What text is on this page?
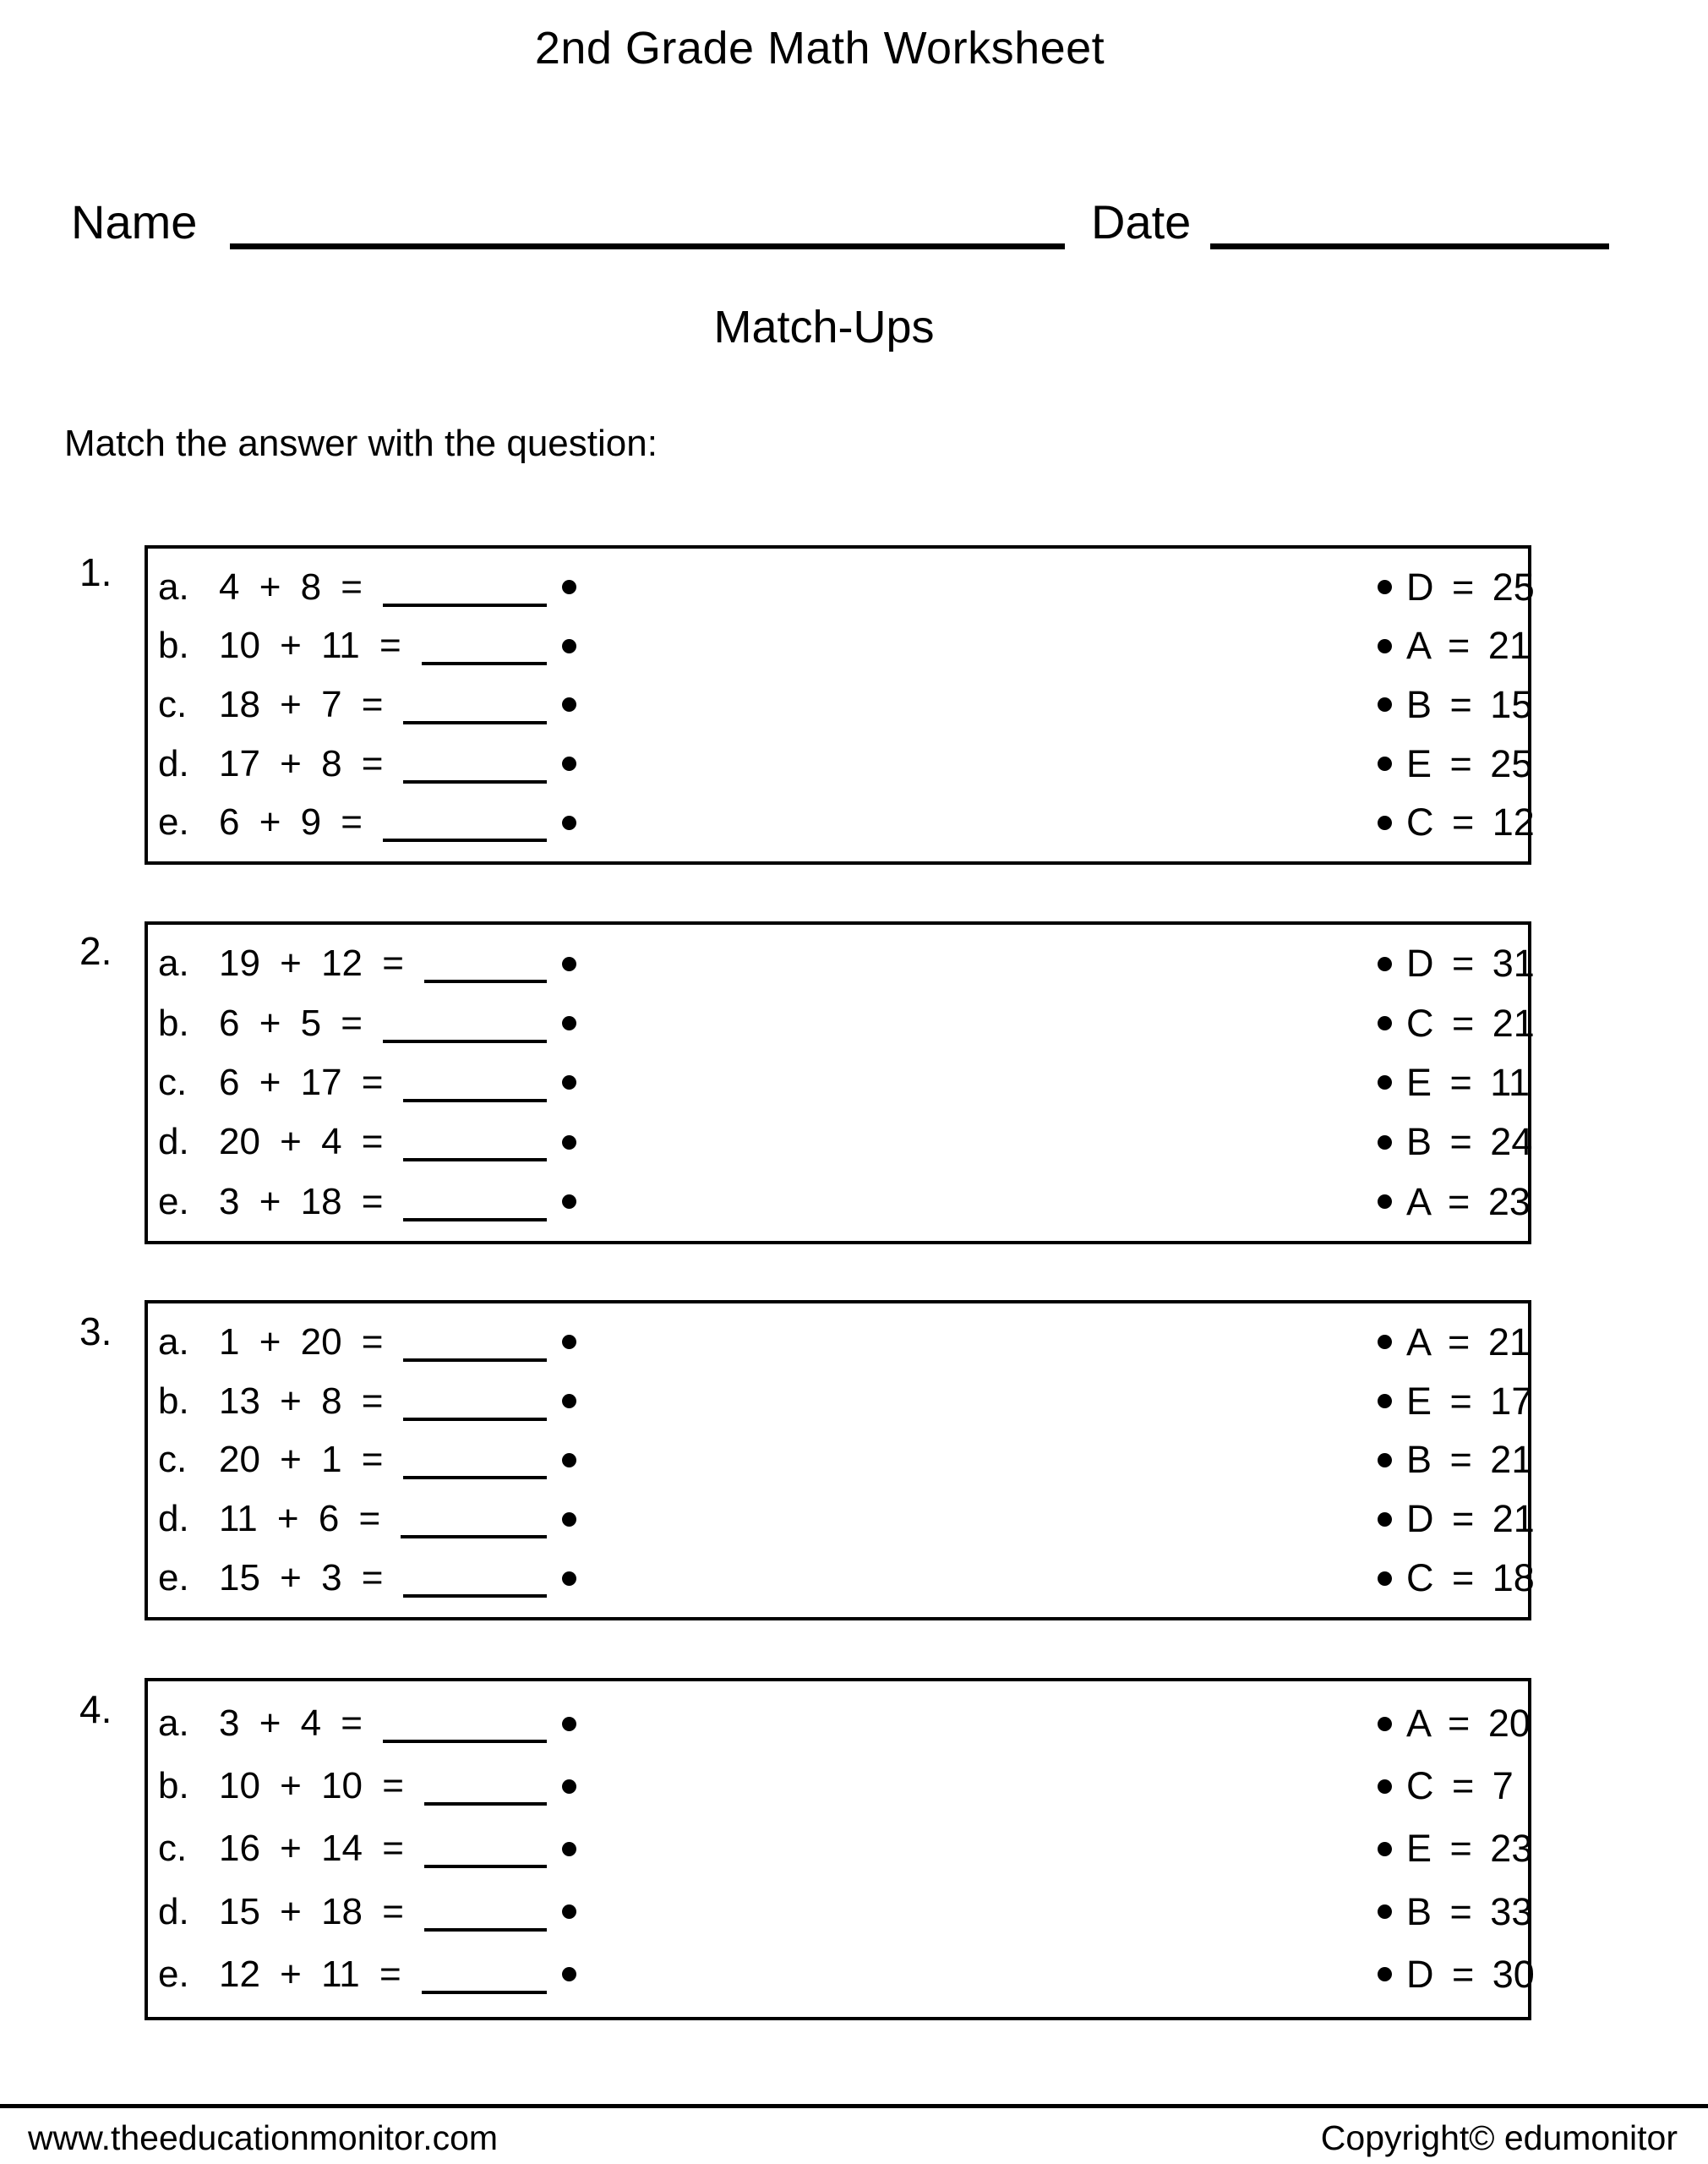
2nd Grade Math Worksheet
Name	Date
Match-Ups
Match the answer with the question:
1. a. 4 + 8 =	D = 25
b. 10 + 11 =	A = 21
c. 18 + 7 =	B = 15
d. 17 + 8 =	E = 25
e. 6 + 9 =	C = 12
2. a. 19 + 12 =	D = 31
b. 6 + 5 =	C = 21
c. 6 + 17 =	E = 11
d. 20 + 4 =	B = 24
e. 3 + 18 =	A = 23
3. a. 1 + 20 =	A = 21
b. 13 + 8 =	E = 17
c. 20 + 1 =	B = 21
d. 11 + 6 =	D = 21
e. 15 + 3 =	C = 18
4. a. 3 + 4 =	A = 20
b. 10 + 10 =	C = 7
c. 16 + 14 =	E = 23
d. 15 + 18 =	B = 33
e. 12 + 11 =	D = 30
www.theeducationmonitor.com	Copyright© edumonitor
